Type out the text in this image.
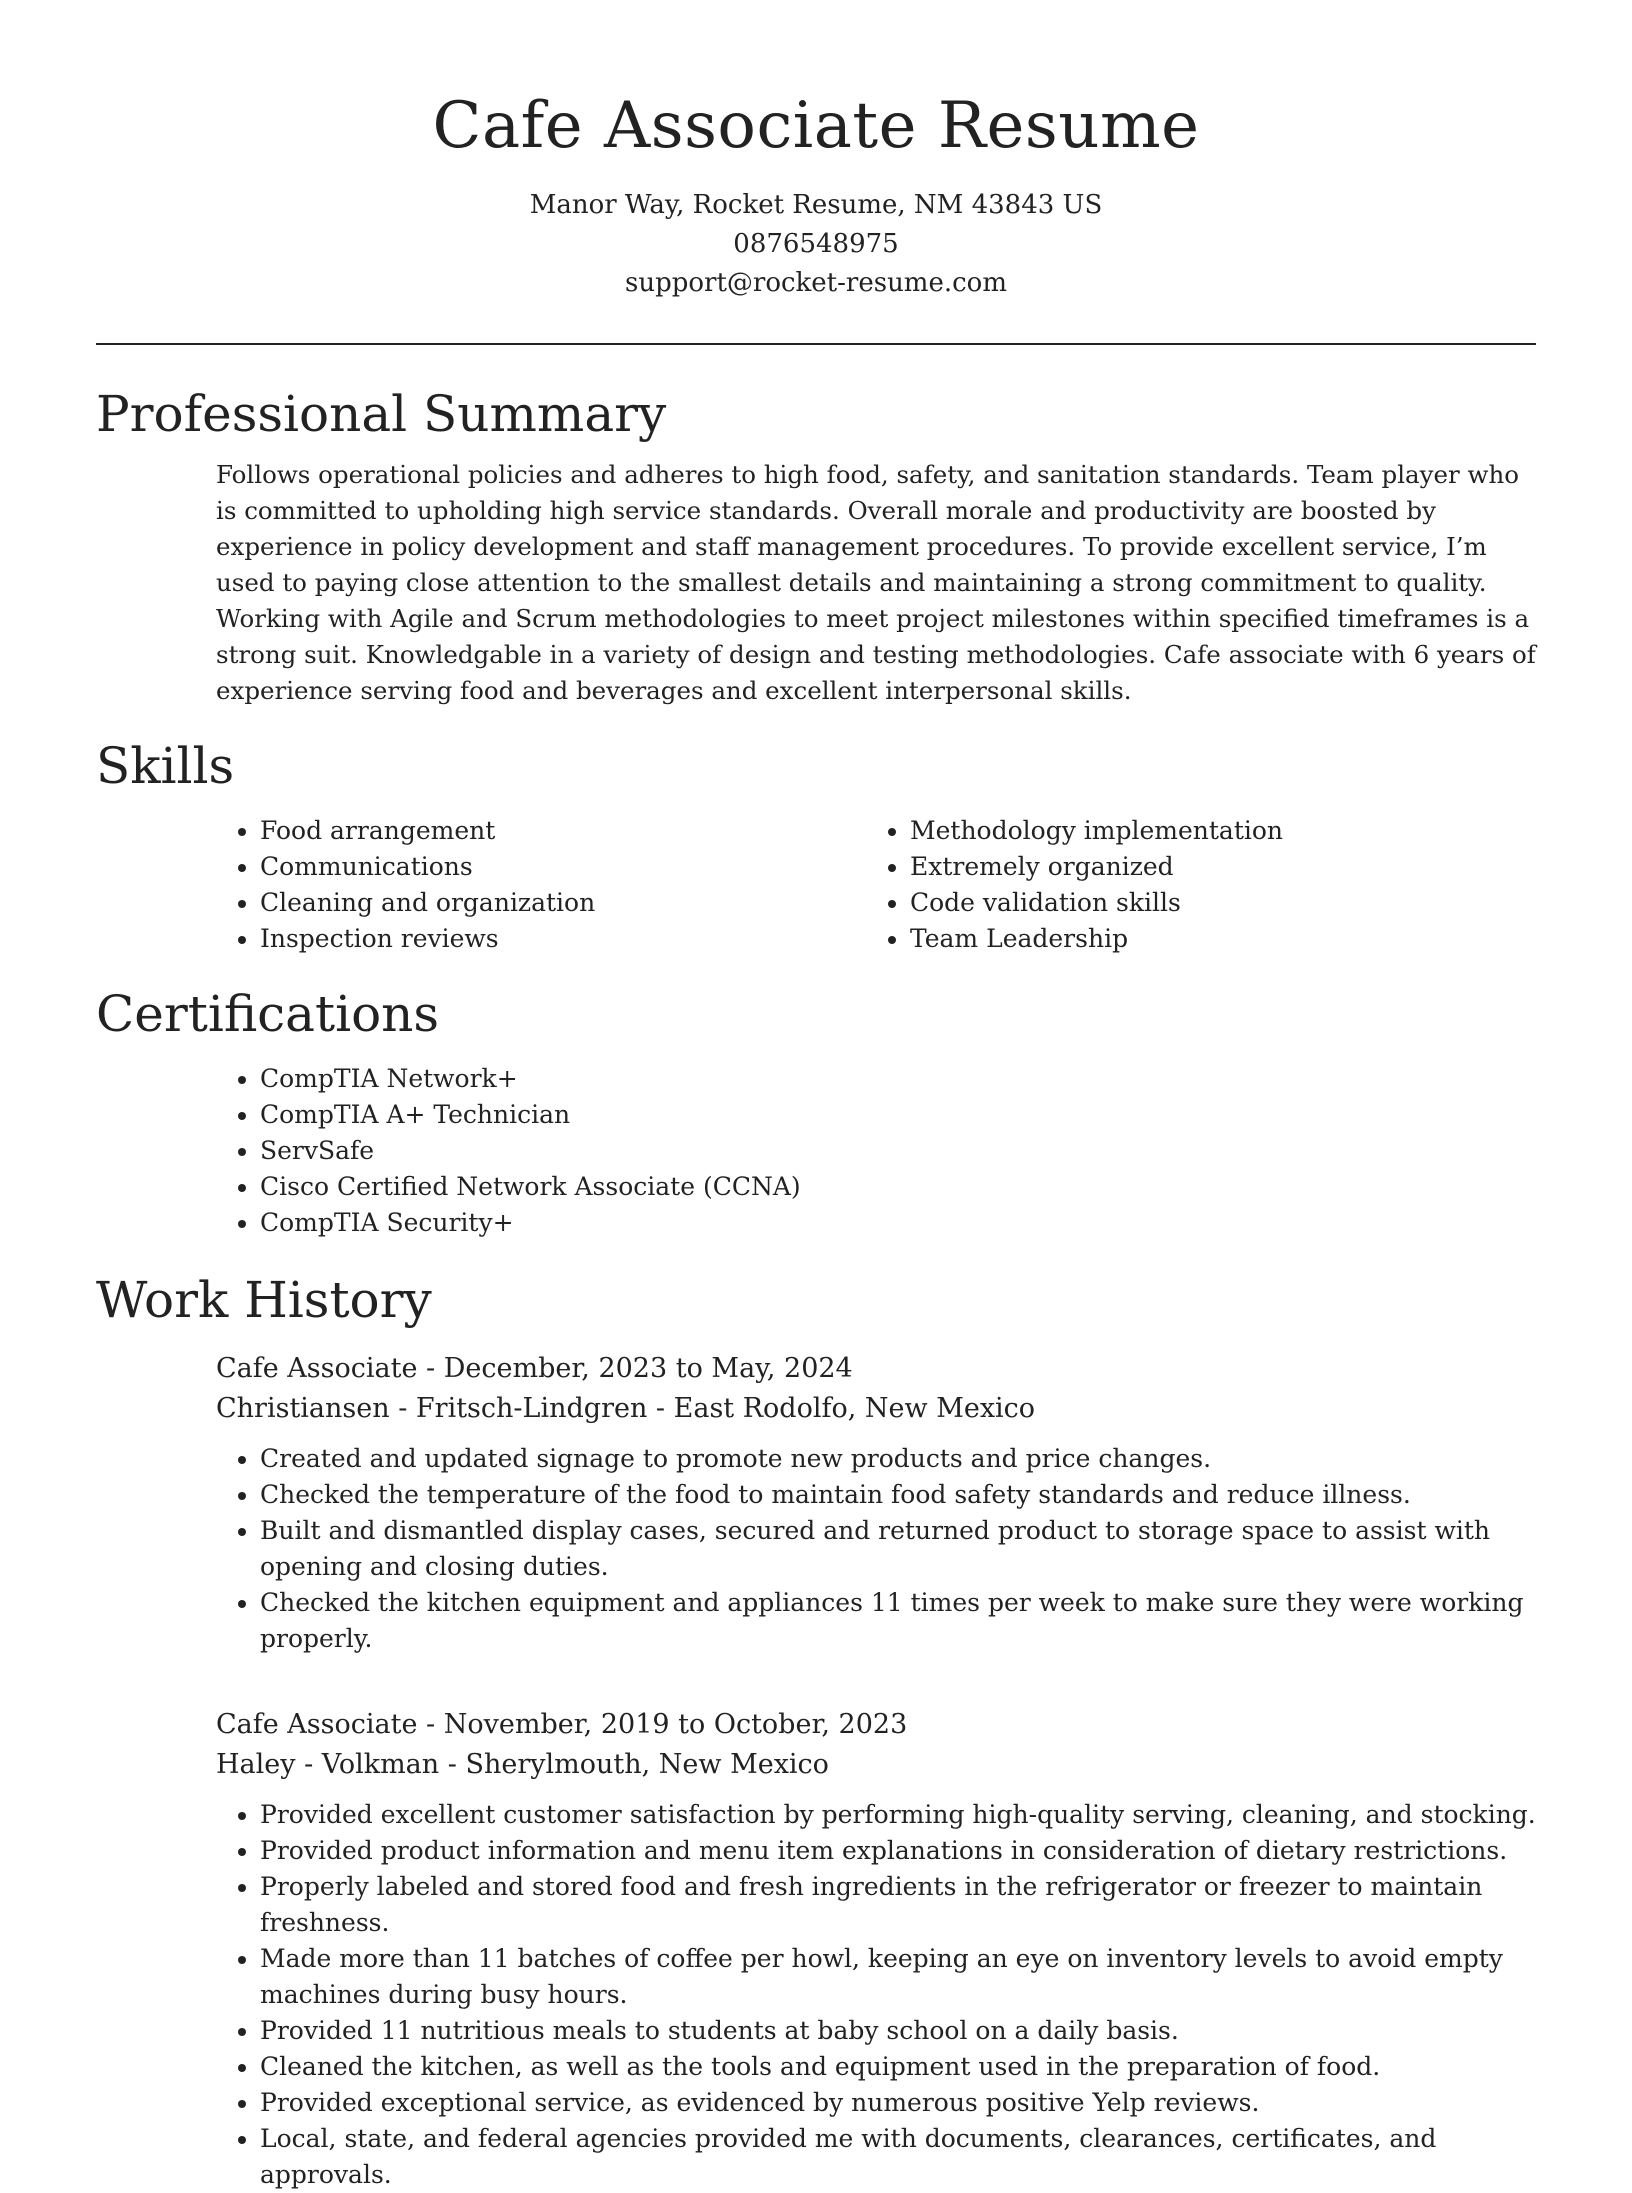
Cafe Associate Resume
Manor Way, Rocket Resume, NM 43843 US
0876548975
support@rocket-resume.com
Professional Summary

Follows operational policies and adheres to high food, safety, and sanitation standards. Team player who is committed to upholding high service standards. Overall morale and productivity are boosted by experience in policy development and staff management procedures. To provide excellent service, I’m used to paying close attention to the smallest details and maintaining a strong commitment to quality. Working with Agile and Scrum methodologies to meet project milestones within specified timeframes is a strong suit. Knowledgable in a variety of design and testing methodologies. Cafe associate with 6 years of experience serving food and beverages and excellent interpersonal skills.

Skills
• Food arrangement
• Communications
• Cleaning and organization
• Inspection reviews
• Methodology implementation
• Extremely organized
• Code validation skills
• Team Leadership
Certifications
• CompTIA Network+
• CompTIA A+ Technician
• ServSafe
• Cisco Certified Network Associate (CCNA)
• CompTIA Security+
Work History
Cafe Associate - December, 2023 to May, 2024
Christiansen - Fritsch-Lindgren - East Rodolfo, New Mexico
• Created and updated signage to promote new products and price changes.
• Checked the temperature of the food to maintain food safety standards and reduce illness.
• Built and dismantled display cases, secured and returned product to storage space to assist with opening and closing duties.
• Checked the kitchen equipment and appliances 11 times per week to make sure they were working properly.
Cafe Associate - November, 2019 to October, 2023
Haley - Volkman - Sherylmouth, New Mexico
• Provided excellent customer satisfaction by performing high-quality serving, cleaning, and stocking.
• Provided product information and menu item explanations in consideration of dietary restrictions.
• Properly labeled and stored food and fresh ingredients in the refrigerator or freezer to maintain freshness.
• Made more than 11 batches of coffee per howl, keeping an eye on inventory levels to avoid empty machines during busy hours.
• Provided 11 nutritious meals to students at baby school on a daily basis.
• Cleaned the kitchen, as well as the tools and equipment used in the preparation of food.
• Provided exceptional service, as evidenced by numerous positive Yelp reviews.
• Local, state, and federal agencies provided me with documents, clearances, certificates, and approvals.
